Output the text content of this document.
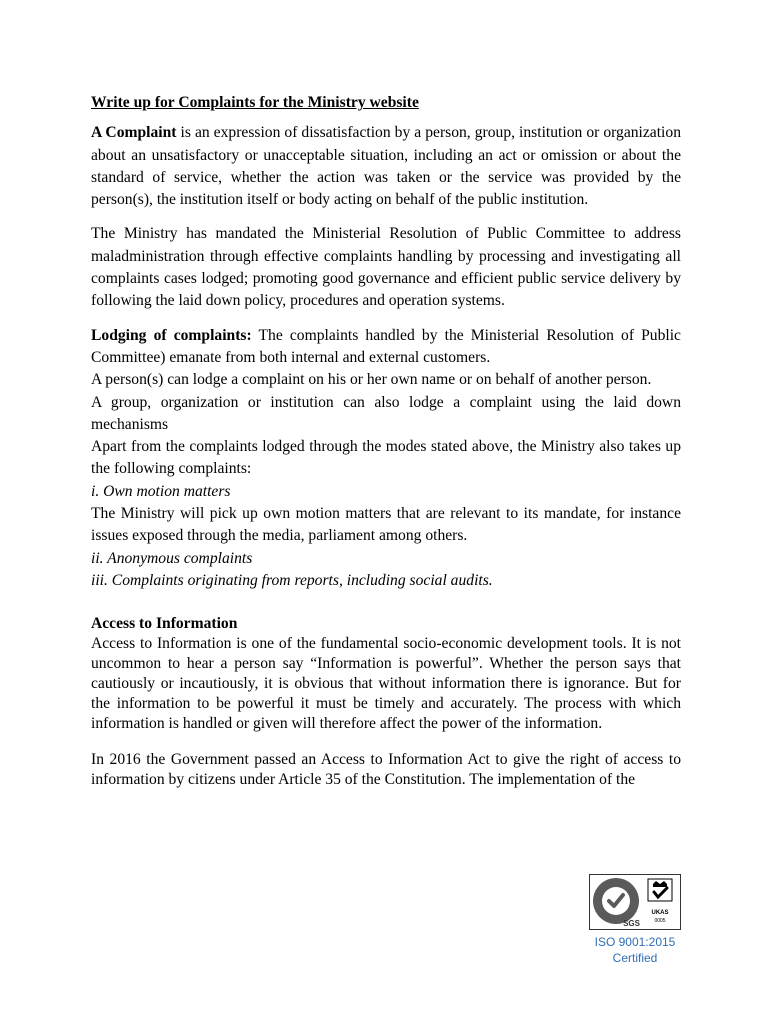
Write up for Complaints for the Ministry website

A Complaint is an expression of dissatisfaction by a person, group, institution or organization about an unsatisfactory or unacceptable situation, including an act or omission or about the standard of service, whether the action was taken or the service was provided by the person(s), the institution itself or body acting on behalf of the public institution.

The Ministry has mandated the Ministerial Resolution of Public Committee to address maladministration through effective complaints handling by processing and investigating all complaints cases lodged; promoting good governance and efficient public service delivery by following the laid down policy, procedures and operation systems.

Lodging of complaints: The complaints handled by the Ministerial Resolution of Public Committee) emanate from both internal and external customers.

A person(s) can lodge a complaint on his or her own name or on behalf of another person.

A group, organization or institution can also lodge a complaint using the laid down mechanisms

Apart from the complaints lodged through the modes stated above, the Ministry also takes up the following complaints:

i. Own motion matters

The Ministry will pick up own motion matters that are relevant to its mandate, for instance issues exposed through the media, parliament among others.

ii. Anonymous complaints

iii. Complaints originating from reports, including social audits.

Access to Information

Access to Information is one of the fundamental socio-economic development tools. It is not uncommon to hear a person say “Information is powerful”. Whether the person says that cautiously or incautiously, it is obvious that without information there is ignorance. But for the information to be powerful it must be timely and accurately. The process with which information is handled or given will therefore affect the power of the information.

In 2016 the Government passed an Access to Information Act to give the right of access to information by citizens under Article 35 of the Constitution. The implementation of the

SGS
UKAS
0005
ISO 9001:2015
Certified
